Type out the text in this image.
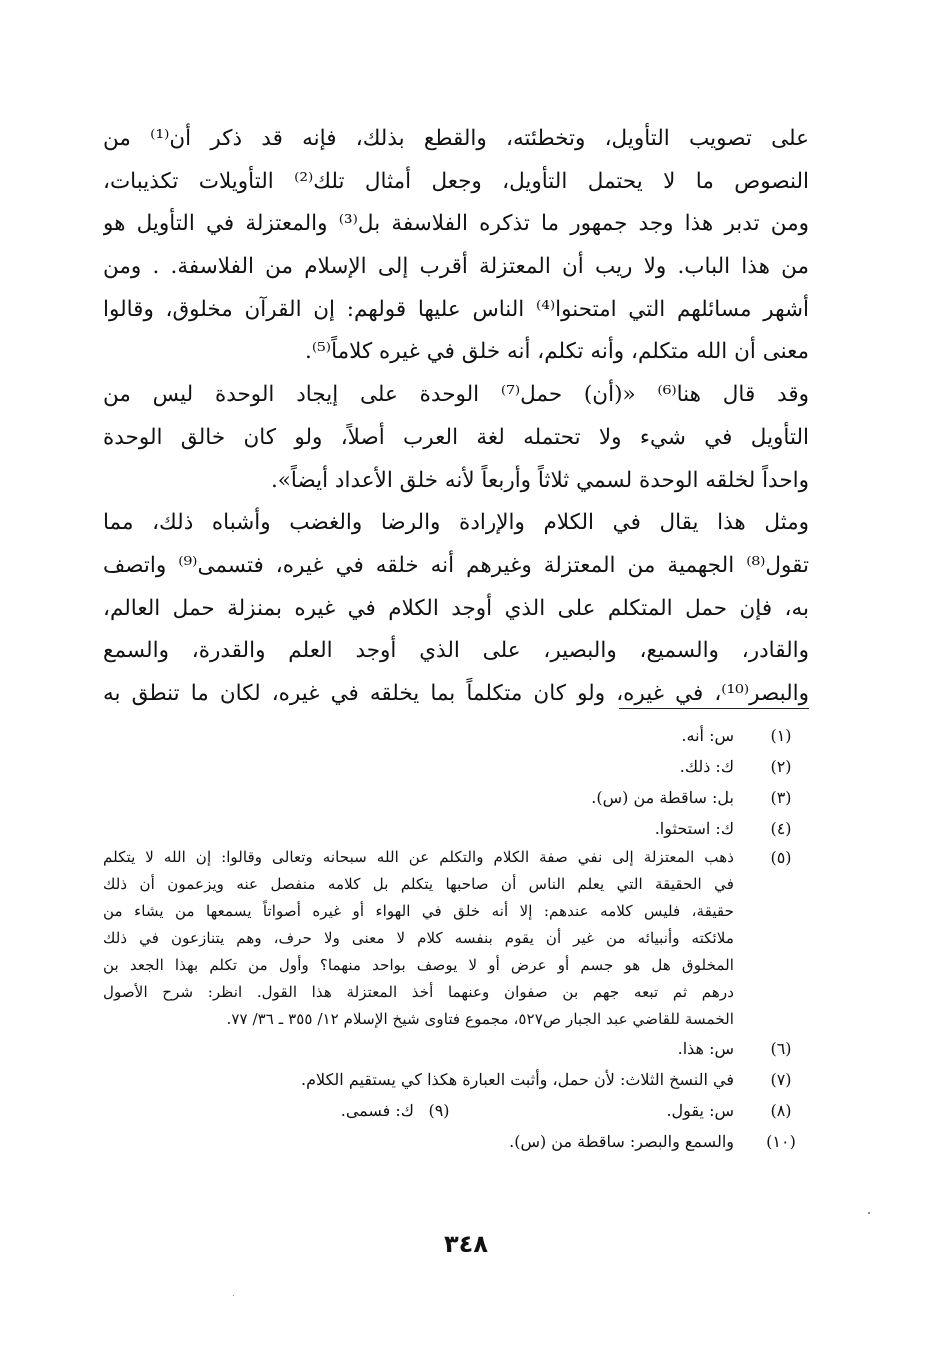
على تصويب التأويل، وتخطئته، والقطع بذلك، فإنه قد ذكر أن⁽¹⁾ من
النصوص ما لا يحتمل التأويل، وجعل أمثال تلك⁽²⁾ التأويلات تكذيبات،
ومن تدبر هذا وجد جمهور ما تذكره الفلاسفة بل⁽³⁾ والمعتزلة في التأويل هو
من هذا الباب. ولا ريب أن المعتزلة أقرب إلى الإسلام من الفلاسفة. . ومن
أشهر مسائلهم التي امتحنوا⁽⁴⁾ الناس عليها قولهم: إن القرآن مخلوق، وقالوا
معنى أن الله متكلم، وأنه تكلم، أنه خلق في غيره كلاماً⁽⁵⁾.
وقد قال هنا⁽⁶⁾ «(أن) حمل⁽⁷⁾ الوحدة على إيجاد الوحدة ليس من
التأويل في شيء ولا تحتمله لغة العرب أصلاً، ولو كان خالق الوحدة
واحداً لخلقه الوحدة لسمي ثلاثاً وأربعاً لأنه خلق الأعداد أيضاً».
ومثل هذا يقال في الكلام والإرادة والرضا والغضب وأشباه ذلك، مما
تقول⁽⁸⁾ الجهمية من المعتزلة وغيرهم أنه خلقه في غيره، فتسمى⁽⁹⁾ واتصف
به، فإن حمل المتكلم على الذي أوجد الكلام في غيره بمنزلة حمل العالم،
والقادر، والسميع، والبصير، على الذي أوجد العلم والقدرة، والسمع
والبصر⁽¹⁰⁾، في غيره، ولو كان متكلماً بما يخلقه في غيره، لكان ما تنطق به
(١)
س: أنه.
(٢)
ك: ذلك.
(٣)
بل: ساقطة من (س).
(٤)
ك: استحثوا.
(٥)
ذهب المعتزلة إلى نفي صفة الكلام والتكلم عن الله سبحانه وتعالى وقالوا: إن الله لا يتكلم
في الحقيقة التي يعلم الناس أن صاحبها يتكلم بل كلامه منفصل عنه ويزعمون أن ذلك
حقيقة، فليس كلامه عندهم: إلا أنه خلق في الهواء أو غيره أصواتاً يسمعها من يشاء من
ملائكته وأنبيائه من غير أن يقوم بنفسه كلام لا معنى ولا حرف، وهم يتنازعون في ذلك
المخلوق هل هو جسم أو عرض أو لا يوصف بواحد منهما؟ وأول من تكلم بهذا الجعد بن
درهم ثم تبعه جهم بن صفوان وعنهما أخذ المعتزلة هذا القول. انظر: شرح الأصول
الخمسة للقاضي عبد الجبار ص٥٢٧، مجموع فتاوى شيخ الإسلام ١٢/ ٣٥٥ ـ ٣٦/ ٧٧.
(٦)
س: هذا.
(٧)
في النسخ الثلاث: لأن حمل، وأثبت العبارة هكذا كي يستقيم الكلام.
(٨)
س: يقول.
(٩)
ك: فسمى.
(١٠)
والسمع والبصر: ساقطة من (س).
٣٤٨
